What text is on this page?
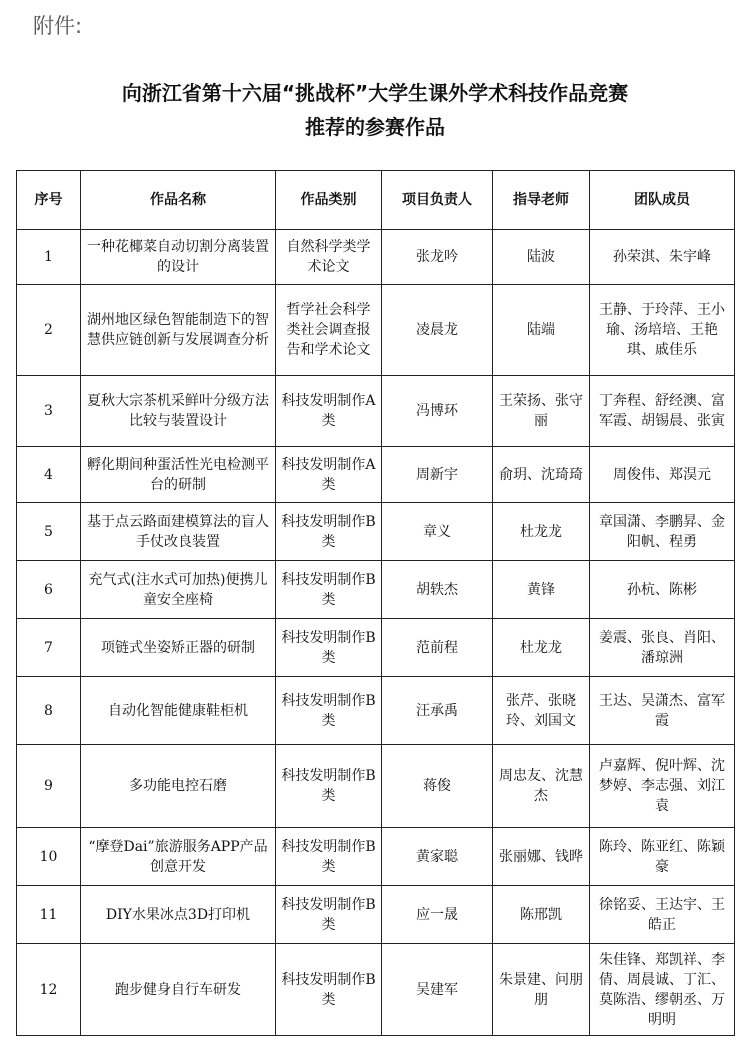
附件:
向浙江省第十六届“挑战杯”大学生课外学术科技作品竞赛
推荐的参赛作品
序号	作品名称	作品类别	项目负责人	指导老师	团队成员
1	一种花椰菜自动切割分离装置的设计	自然科学类学术论文	张龙吟	陆波	孙荣淇、朱宇峰
2	湖州地区绿色智能制造下的智慧供应链创新与发展调查分析	哲学社会科学类社会调查报告和学术论文	凌晨龙	陆端	王静、于玲萍、王小瑜、汤培培、王艳琪、戚佳乐
3	夏秋大宗茶机采鲜叶分级方法比较与装置设计	科技发明制作A类	冯博环	王荣扬、张守丽	丁奔程、舒经澳、富军霞、胡锡晨、张寅
4	孵化期间种蛋活性光电检测平台的研制	科技发明制作A类	周新宇	俞玥、沈琦琦	周俊伟、郑淏元
5	基于点云路面建模算法的盲人手仗改良装置	科技发明制作B类	章义	杜龙龙	章国潇、李鹏昇、金阳帆、程勇
6	充气式(注水式可加热)便携儿童安全座椅	科技发明制作B类	胡轶杰	黄锋	孙杭、陈彬
7	项链式坐姿矫正器的研制	科技发明制作B类	范前程	杜龙龙	姜震、张良、肖阳、潘琼洲
8	自动化智能健康鞋柜机	科技发明制作B类	汪承禹	张芹、张晓玲、刘国文	王达、吴潇杰、富军霞
9	多功能电控石磨	科技发明制作B类	蒋俊	周忠友、沈慧杰	卢嘉辉、倪叶辉、沈梦婷、李志强、刘江袁
10	“摩登Dai”旅游服务APP产品创意开发	科技发明制作B类	黄家聪	张丽娜、钱晔	陈玲、陈亚红、陈颖豪
11	DIY水果冰点3D打印机	科技发明制作B类	应一晟	陈邢凯	徐铭妥、王达宇、王皓正
12	跑步健身自行车研发	科技发明制作B类	吴建军	朱景建、问朋朋	朱佳锋、郑凯祥、李倩、周晨诚、丁汇、莫陈浩、缪朝丞、万明明
